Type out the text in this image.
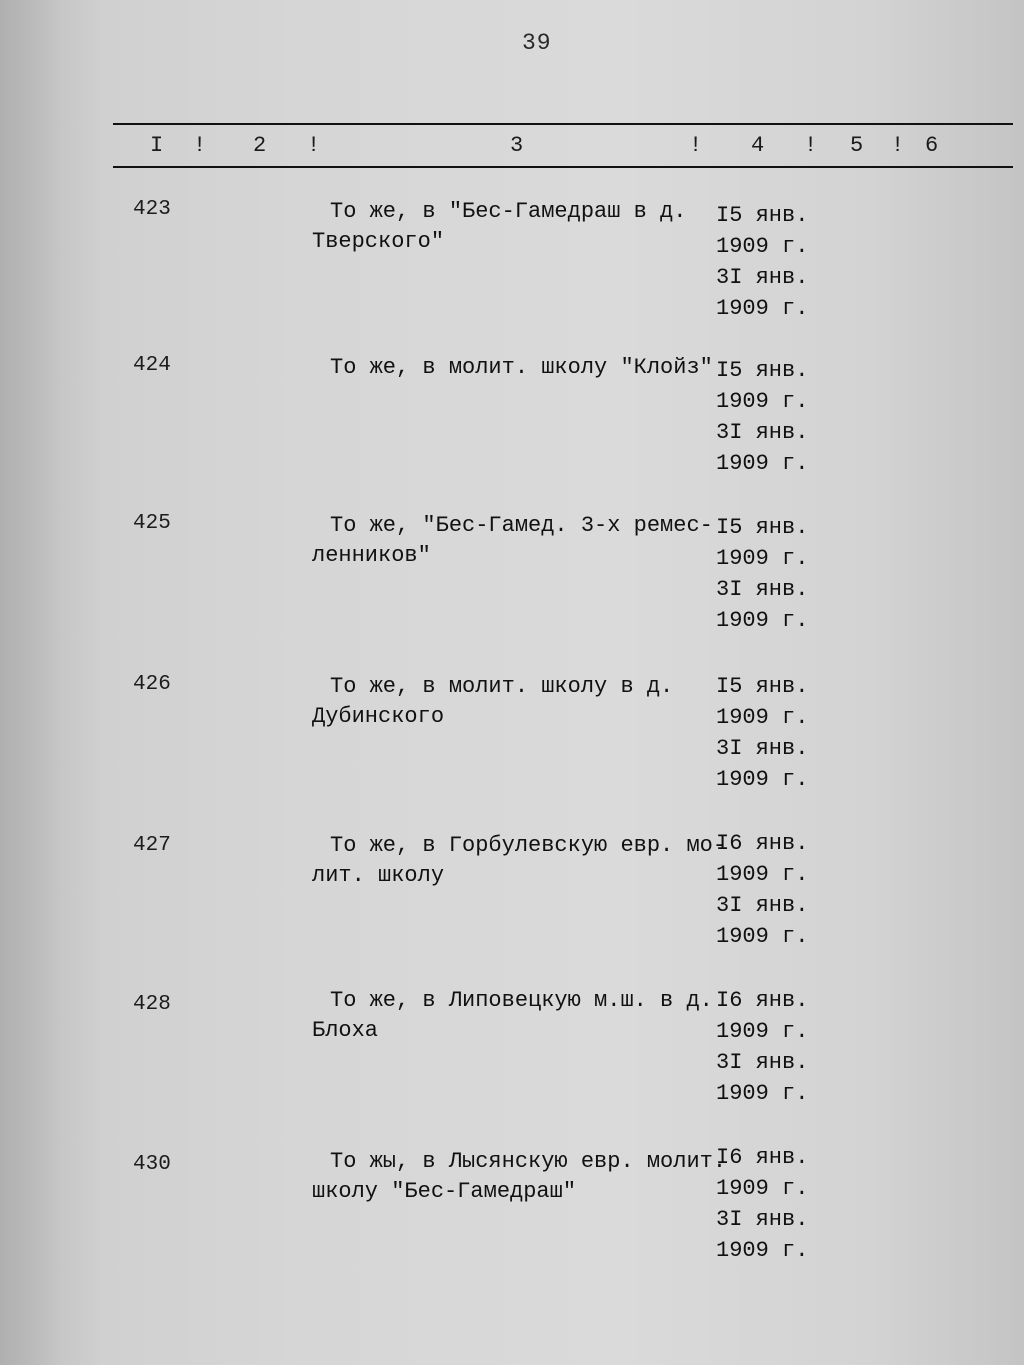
39
I ! 2 !	3	! 4 ! 5 ! 6
423	То же, в "Бес-Гамедраш в д.
Тверского"
I5 янв.
1909 г.
3I янв.
1909 г.
424	То же, в молит. школу "Клойз" I5 янв.
1909 г.
3I янв.
1909 г.
425	То же, "Бес-Гамед. 3-х ремес-
ленников"
I5 янв.
1909 г.
3I янв.
1909 г.
426	То же, в молит. школу в д.
Дубинского
I5 янв.
1909 г.
3I янв.
1909 г.
427	То же, в Горбулевскую евр. мо-
лит. школу
I6 янв.
1909 г.
3I янв.
1909 г.
428	То же, в Липовецкую м.ш. в д.
Блоха
I6 янв.
1909 г.
3I янв.
1909 г.
430	То жы, в Лысянскую евр. молит.
школу "Бес-Гамедраш"
I6 янв.
1909 г.
3I янв.
1909 г.
